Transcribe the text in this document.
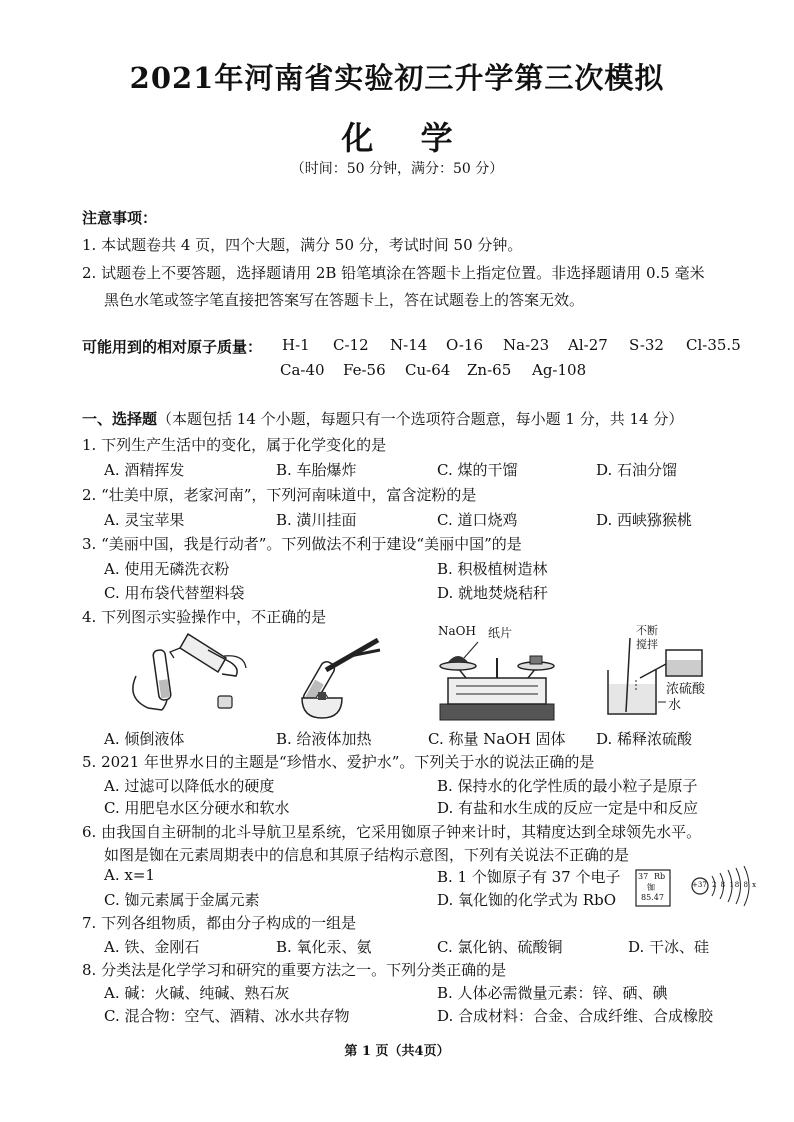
2021年河南省实验初三升学第三次模拟
化 学
（时间：50 分钟，满分：50 分）
注意事项：
1. 本试题卷共 4 页，四个大题，满分 50 分，考试时间 50 分钟。
2. 试题卷上不要答题，选择题请用 2B 铅笔填涂在答题卡上指定位置。非选择题请用 0.5 毫米
黑色水笔或签字笔直接把答案写在答题卡上，答在试题卷上的答案无效。
可能用到的相对原子质量： H-1 C-12 N-14 O-16 Na-23 Al-27 S-32 Cl-35.5
Ca-40 Fe-56 Cu-64 Zn-65 Ag-108
一、选择题（本题包括 14 个小题，每题只有一个选项符合题意，每小题 1 分，共 14 分）
1. 下列生产生活中的变化，属于化学变化的是
A. 酒精挥发	B. 车胎爆炸	C. 煤的干馏	D. 石油分馏
2. “壮美中原，老家河南”，下列河南味道中，富含淀粉的是
A. 灵宝苹果	B. 潢川挂面	C. 道口烧鸡	D. 西峡猕猴桃
3. “美丽中国，我是行动者”。下列做法不利于建设“美丽中国”的是
A. 使用无磷洗衣粉	B. 积极植树造林
C. 用布袋代替塑料袋	D. 就地焚烧秸秆
4. 下列图示实验操作中，不正确的是
NaOH 纸片	不断
搅拌
浓硫酸
水
A. 倾倒液体	B. 给液体加热	C. 称量 NaOH 固体 D. 稀释浓硫酸
5. 2021 年世界水日的主题是“珍惜水、爱护水”。下列关于水的说法正确的是
A. 过滤可以降低水的硬度	B. 保持水的化学性质的最小粒子是原子
C. 用肥皂水区分硬水和软水	D. 有盐和水生成的反应一定是中和反应
6. 由我国自主研制的北斗导航卫星系统，它采用铷原子钟来计时，其精度达到全球领先水平。
如图是铷在元素周期表中的信息和其原子结构示意图，下列有关说法不正确的是
A. x=1	B. 1 个铷原子有 37 个电子
C. 铷元素属于金属元素	D. 氧化铷的化学式为 RbO
37 Rb
铷
85.47
+37 2 8 18 8 x
7. 下列各组物质，都由分子构成的一组是
A. 铁、金刚石	B. 氧化汞、氨	C. 氯化钠、硫酸铜	D. 干冰、硅
8. 分类法是化学学习和研究的重要方法之一。下列分类正确的是
A. 碱：火碱、纯碱、熟石灰	B. 人体必需微量元素：锌、硒、碘
C. 混合物：空气、酒精、冰水共存物	D. 合成材料：合金、合成纤维、合成橡胶
第 1 页（共4页）
